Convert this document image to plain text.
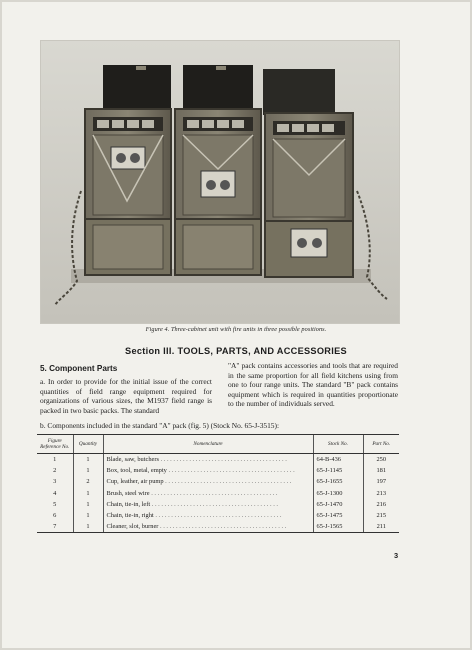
Figure 4. Three-cabinet unit with fire units in three possible positions.
Section III. TOOLS, PARTS, AND ACCESSORIES
5. Component Parts
a. In order to provide for the initial issue of the correct quantities of field range equipment required for organizations of various sizes, the M1937 field range is packed in two basic packs. The standard
"A" pack contains accessories and tools that are required in the same proportion for all field kitchens using from one to four range units. The standard "B" pack contains equipment which is required in quantities proportionate to the number of individuals served.
b. Components included in the standard "A" pack (fig. 5) (Stock No. 65-J-3515):
Figure Reference No.	Quantity	Nomenclature	Stock No.	Part No.
1	1	Blade, saw, butchers . . . . . . . . . . . . . . . . . . . . . . . . . . . . . . . . . . . . . . . .	64-B-436	250
2	1	Box, tool, metal, empty . . . . . . . . . . . . . . . . . . . . . . . . . . . . . . . . . . . . . . . .	65-J-1145	181
3	2	Cup, leather, air pump . . . . . . . . . . . . . . . . . . . . . . . . . . . . . . . . . . . . . . . .	65-J-1655	197
4	1	Brush, steel wire . . . . . . . . . . . . . . . . . . . . . . . . . . . . . . . . . . . . . . . .	65-J-1300	213
5	1	Chain, tie-in, left . . . . . . . . . . . . . . . . . . . . . . . . . . . . . . . . . . . . . . . .	65-J-1470	216
6	1	Chain, tie-in, right . . . . . . . . . . . . . . . . . . . . . . . . . . . . . . . . . . . . . . . .	65-J-1475	215
7	1	Cleaner, slot, burner . . . . . . . . . . . . . . . . . . . . . . . . . . . . . . . . . . . . . . . .	65-J-1565	211
3
